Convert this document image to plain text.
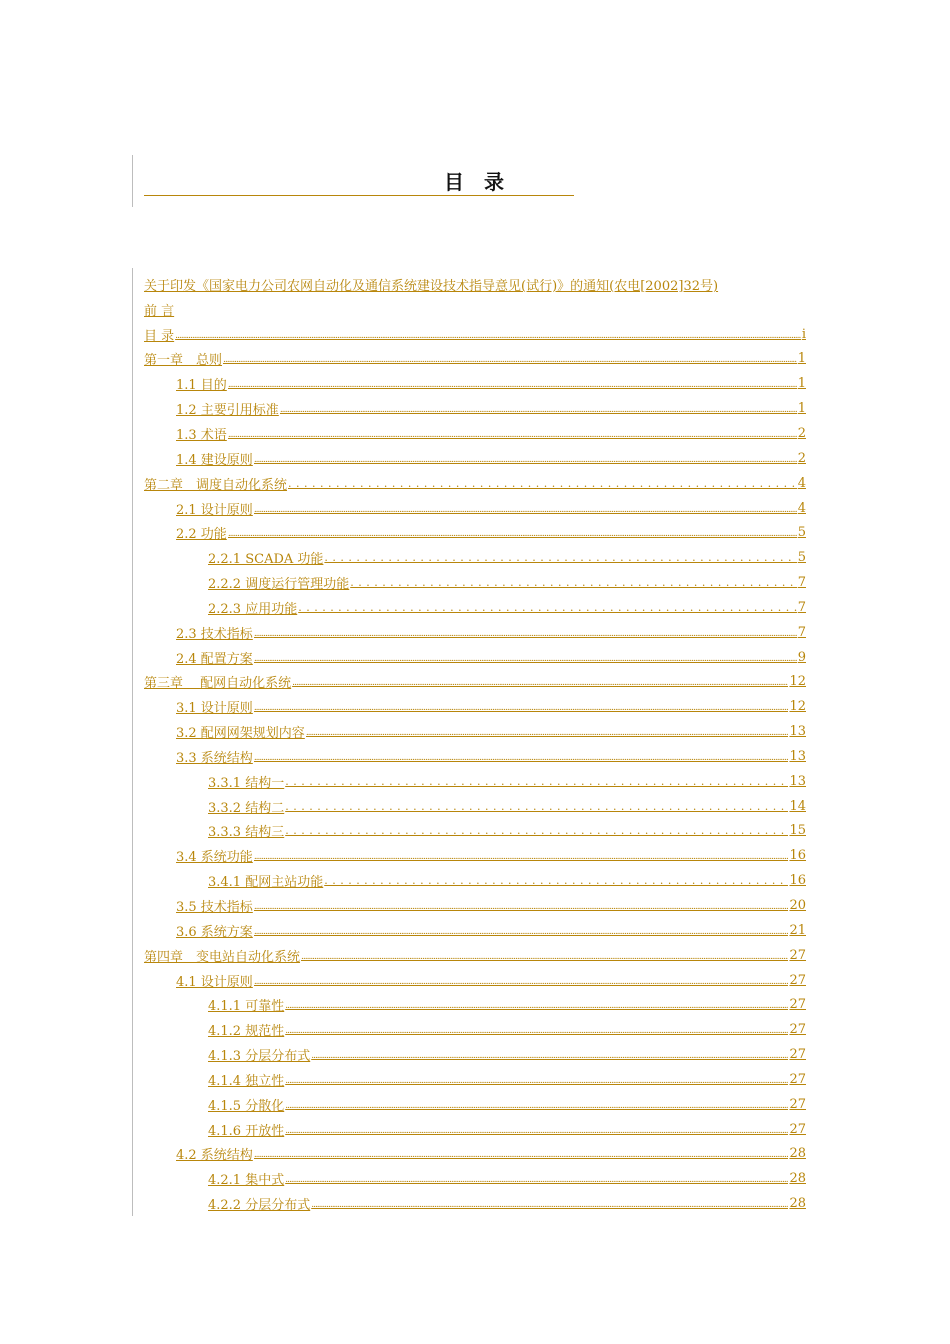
目　录
关于印发《国家电力公司农网自动化及通信系统建设技术指导意见(试行)》的通知(农电[2002]32号)
前 言
目 录 .....	i
第一章　总则 .....	1
1.1 目的 .....	1
1.2 主要引用标准 .....	1
1.3 术语 .....	2
1.4 建设原则 .....	2
第二章　调度自动化系统 . . .	4
2.1 设计原则 .....	4
2.2 功能 .....	5
2.2.1 SCADA 功能 . . .	5
2.2.2 调度运行管理功能 . . .	7
2.2.3 应用功能 . . .	7
2.3 技术指标 .....	7
2.4 配置方案 .....	9
第三章　 配网自动化系统 .....	12
3.1 设计原则 .....	12
3.2 配网网架规划内容 .....	13
3.3 系统结构 .....	13
3.3.1 结构一 . . .	13
3.3.2 结构二 . . .	14
3.3.3 结构三 . . .	15
3.4 系统功能 .....	16
3.4.1 配网主站功能 . . .	16
3.5 技术指标 .....	20
3.6 系统方案 .....	21
第四章　变电站自动化系统 .....	27
4.1 设计原则 .....	27
4.1.1 可靠性 .....	27
4.1.2 规范性 .....	27
4.1.3 分层分布式 .....	27
4.1.4 独立性 .....	27
4.1.5 分散化 .....	27
4.1.6 开放性 .....	27
4.2 系统结构 .....	28
4.2.1 集中式 .....	28
4.2.2 分层分布式 .....	28
